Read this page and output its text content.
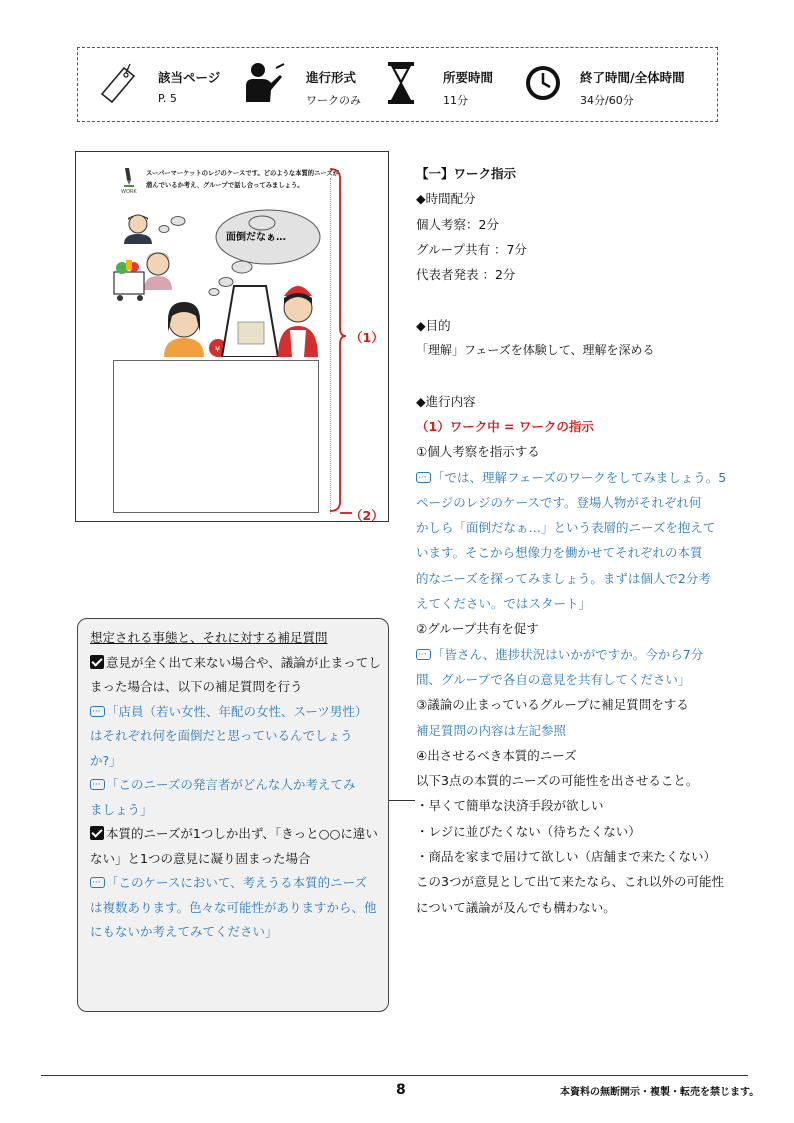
該当ページ
P. 5
進行形式
ワークのみ
所要時間
11分
終了時間/全体時間
34分/60分
WORK
スーパーマーケットのレジのケースです。どのような本質的ニーズが
潜んでいるか考え、グループで話し合ってみましょう。
面倒だなぁ…
¥
（1）
（2）
【一】ワーク指示
◆時間配分
個人考察：2分
グループ共有 ：7分
代表者発表 ：2分
◆目的
「理解」フェーズを体験して、理解を深める
◆進行内容
（1）ワーク中 = ワークの指示
①個人考察を指示する
···「では、理解フェーズのワークをしてみましょう。5
ページのレジのケースです。登場人物がそれぞれ何
かしら「面倒だなぁ…」という表層的ニーズを抱えて
います。そこから想像力を働かせてそれぞれの本質
的なニーズを探ってみましょう。まずは個人で2分考
えてください。ではスタート」
②グループ共有を促す
···「皆さん、進捗状況はいかがですか。今から7分
間、グループで各自の意見を共有してください」
③議論の止まっているグループに補足質問をする
補足質問の内容は左記参照
④出させるべき本質的ニーズ
以下3点の本質的ニーズの可能性を出させること。
・早くて簡単な決済手段が欲しい
・レジに並びたくない（待ちたくない）
・商品を家まで届けて欲しい（店舗まで来たくない）
この3つが意見として出て来たなら、これ以外の可能性
について議論が及んでも構わない。
想定される事態と、それに対する補足質問
意見が全く出て来ない場合や、議論が止まってし
まった場合は、以下の補足質問を行う
···「店員（若い女性、年配の女性、スーツ男性）
はそれぞれ何を面倒だと思っているんでしょう
か?」
···「このニーズの発言者がどんな人か考えてみ
ましょう」
本質的ニーズが1つしか出ず、「きっと○○に違い
ない」と1つの意見に凝り固まった場合
···「このケースにおいて、考えうる本質的ニーズ
は複数あります。色々な可能性がありますから、他
にもないか考えてみてください」
8	本資料の無断開示・複製・転売を禁じます。
